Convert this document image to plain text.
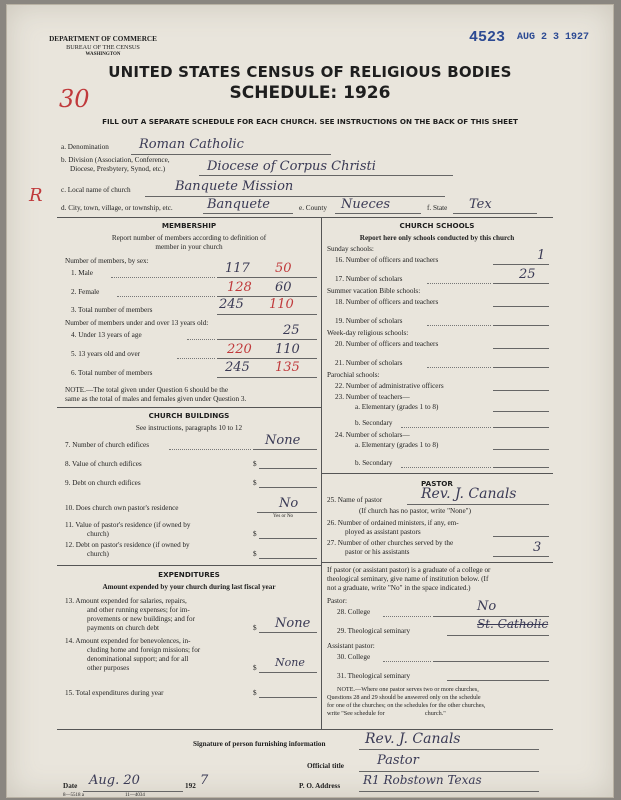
DEPARTMENT OF COMMERCE
BUREAU OF THE CENSUS
WASHINGTON
4523 AUG 2 3 1927
UNITED STATES CENSUS OF RELIGIOUS BODIES
SCHEDULE: 1926
30
FILL OUT A SEPARATE SCHEDULE FOR EACH CHURCH. SEE INSTRUCTIONS ON THE BACK OF THIS SHEET
R
a. Denomination Roman Catholic
b. Division (Association, Conference,
Diocese, Presbytery, Synod, etc.)	Diocese of Corpus Christi
c. Local name of church	Banquete Mission
d. City, town, village, or township, etc.	Banquete	e. County Nueces	f. State Tex
MEMBERSHIP
Report number of members according to definition of
member in your church
Number of members, by sex:
1. Male	117 50
2. Female	128 60
3. Total number of members	245 110
Number of members under and over 13 years old:
4. Under 13 years of age	25
5. 13 years old and over	220 110
6. Total number of members	245 135
NOTE.—The total given under Question 6 should be the
same as the total of males and females given under Question 3.
CHURCH BUILDINGS
See instructions, paragraphs 10 to 12
7. Number of church edifices	None
8. Value of church edifices	$
9. Debt on church edifices	$
10. Does church own pastor's residence	No
Yes or No
11. Value of pastor's residence (if owned by
church)	$
12. Debt on pastor's residence (if owned by
church)	$
EXPENDITURES
Amount expended by your church during last fiscal year
13. Amount expended for salaries, repairs,
and other running expenses; for im-
provements or new buildings; and for
payments on church debt	$ None
14. Amount expended for benevolences, in-
cluding home and foreign missions; for
denominational support; and for all
other purposes	$ None
15. Total expenditures during year	$
CHURCH SCHOOLS
Report here only schools conducted by this church
Sunday schools:
16. Number of officers and teachers	1
17. Number of scholars	25
Summer vacation Bible schools:
18. Number of officers and teachers
19. Number of scholars
Week-day religious schools:
20. Number of officers and teachers
21. Number of scholars
Parochial schools:
22. Number of administrative officers
23. Number of teachers—
a. Elementary (grades 1 to 8)
b. Secondary
24. Number of scholars—
a. Elementary (grades 1 to 8)
b. Secondary
PASTOR
25. Name of pastor	Rev. J. Canals
(If church has no pastor, write "None")
26. Number of ordained ministers, if any, em-
ployed as assistant pastors
27. Number of other churches served by the
pastor or his assistants	3
If pastor (or assistant pastor) is a graduate of a college or
theological seminary, give name of institution below. (If
not a graduate, write "No" in the space indicated.)
Pastor:
28. College	No
29. Theological seminary	St. Catholic
Assistant pastor:
30. College
31. Theological seminary
NOTE.—Where one pastor serves two or more churches,
Questions 28 and 29 should be answered only on the schedule
for one of the churches; on the schedules for the other churches,
write "See schedule for                          church."
Signature of person furnishing information	Rev. J. Canals
Official title	Pastor
Date Aug. 20	192 7
8—5518 a	11—4034
P. O. Address R1 Robstown Texas
